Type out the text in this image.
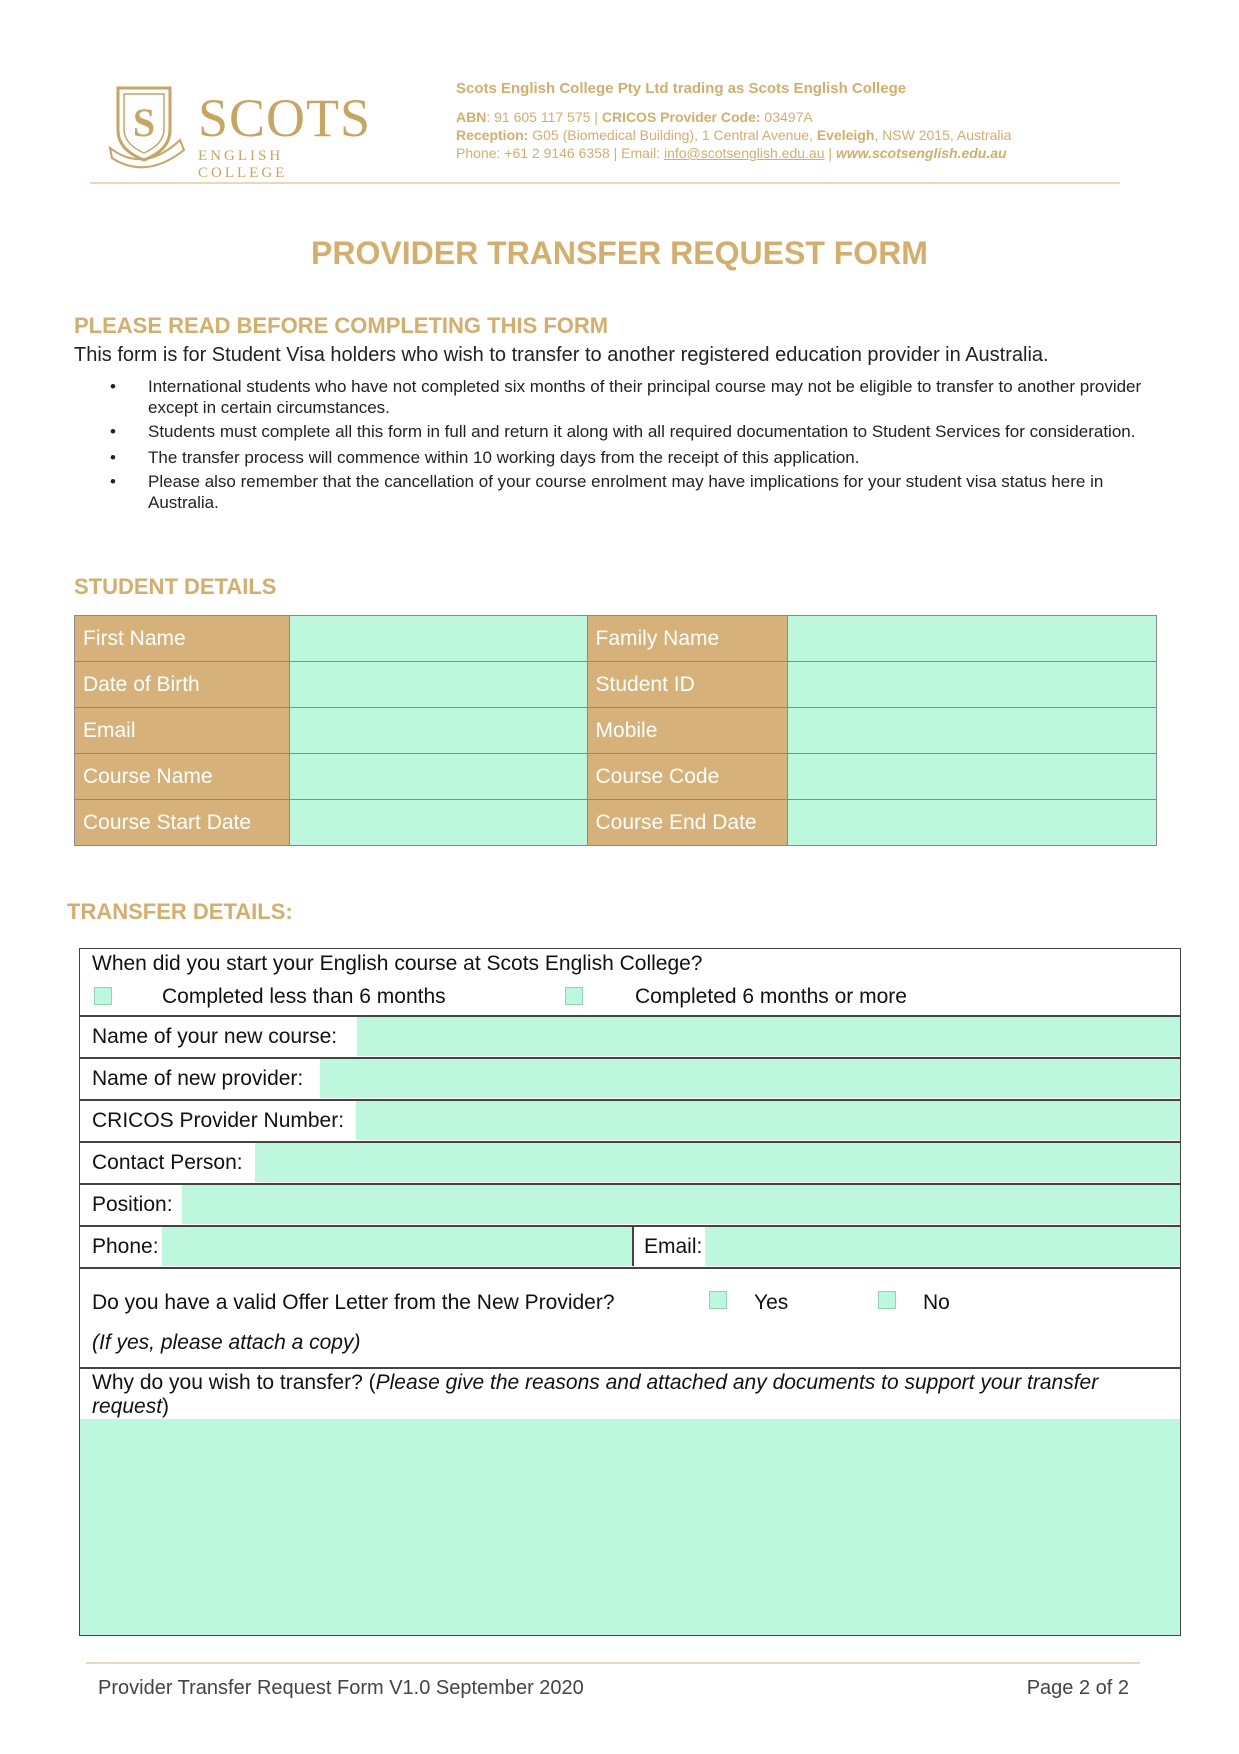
S SCOTS
ENGLISH COLLEGE
Scots English College Pty Ltd trading as Scots English College
ABN: 91 605 117 575 | CRICOS Provider Code: 03497A
Reception: G05 (Biomedical Building), 1 Central Avenue, Eveleigh, NSW 2015, Australia
Phone: +61 2 9146 6358 | Email: info@scotsenglish.edu.au | www.scotsenglish.edu.au
PROVIDER TRANSFER REQUEST FORM
PLEASE READ BEFORE COMPLETING THIS FORM
This form is for Student Visa holders who wish to transfer to another registered education provider in Australia.
• International students who have not completed six months of their principal course may not be eligible to transfer to another provider except in certain circumstances.
• Students must complete all this form in full and return it along with all required documentation to Student Services for consideration.
• The transfer process will commence within 10 working days from the receipt of this application.
• Please also remember that the cancellation of your course enrolment may have implications for your student visa status here in Australia.
STUDENT DETAILS
First Name		Family Name	
Date of Birth		Student ID	
Email		Mobile	
Course Name		Course Code	
Course Start Date		Course End Date	
TRANSFER DETAILS:
When did you start your English course at Scots English College?
Completed less than 6 months	Completed 6 months or more
Name of your new course:
Name of new provider:
CRICOS Provider Number:
Contact Person:
Position:
Phone:	Email:
Do you have a valid Offer Letter from the New Provider?	Yes	No
(If yes, please attach a copy)
Why do you wish to transfer? (Please give the reasons and attached any documents to support your transfer request)
Provider Transfer Request Form V1.0 September 2020	Page 2 of 2
